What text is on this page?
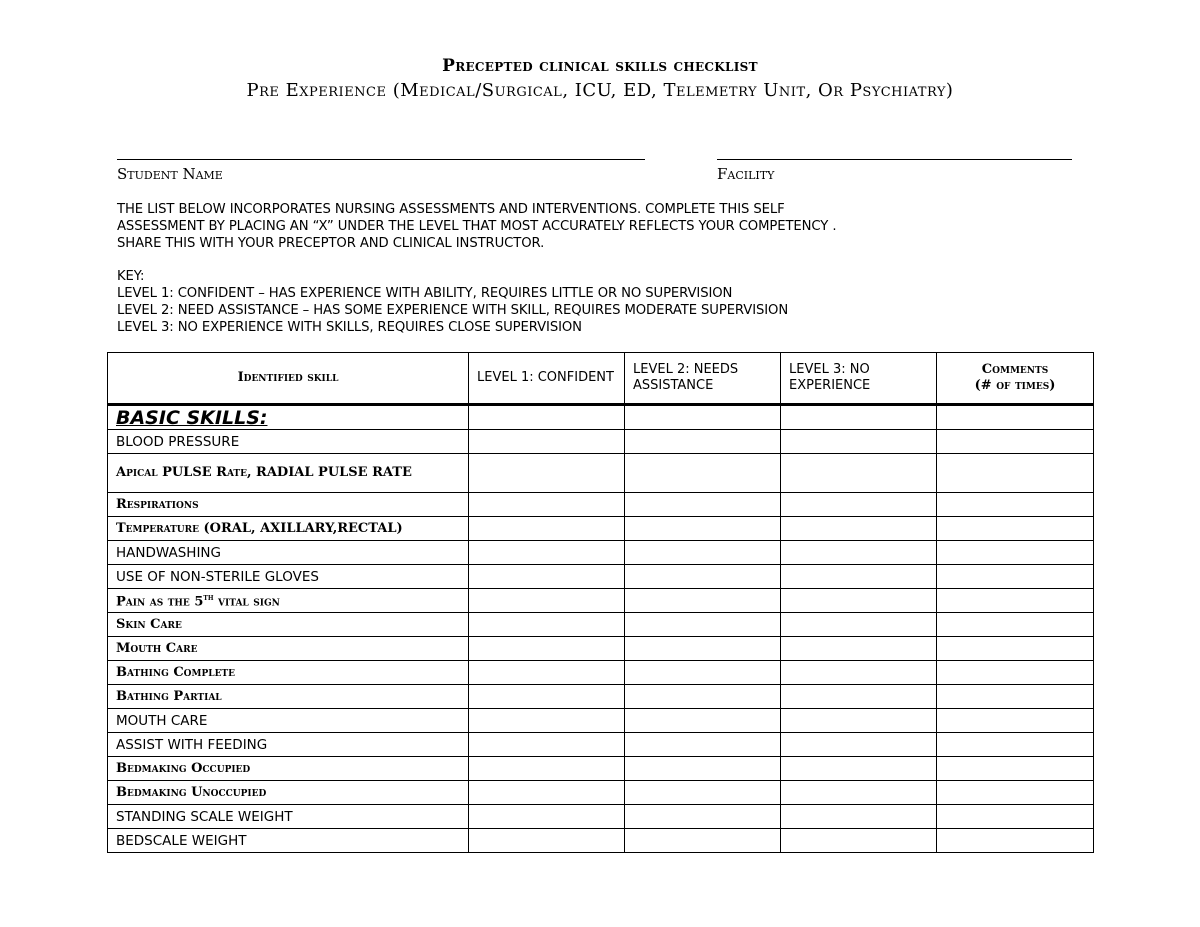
Precepted clinical skills checklist
Pre Experience (Medical/Surgical, ICU, ED, Telemetry Unit, Or Psychiatry)
Student Name	Facility
THE LIST BELOW INCORPORATES NURSING ASSESSMENTS AND INTERVENTIONS. COMPLETE THIS SELF
ASSESSMENT BY PLACING AN “X” UNDER THE LEVEL THAT MOST ACCURATELY REFLECTS YOUR COMPETENCY .
SHARE THIS WITH YOUR PRECEPTOR AND CLINICAL INSTRUCTOR.
KEY:
LEVEL 1: CONFIDENT – HAS EXPERIENCE WITH ABILITY, REQUIRES LITTLE OR NO SUPERVISION
LEVEL 2: NEED ASSISTANCE – HAS SOME EXPERIENCE WITH SKILL, REQUIRES MODERATE SUPERVISION
LEVEL 3: NO EXPERIENCE WITH SKILLS, REQUIRES CLOSE SUPERVISION
Identified skill	LEVEL 1: CONFIDENT	LEVEL 2: NEEDS ASSISTANCE	LEVEL 3: NO EXPERIENCE	Comments
(# of times)
BASIC SKILLS:				
BLOOD PRESSURE				
Apical PULSE Rate, RADIAL PULSE RATE				
Respirations				
Temperature (ORAL, AXILLARY,RECTAL)				
HANDWASHING				
USE OF NON-STERILE GLOVES				
Pain as the 5th vital sign				
Skin Care				
Mouth Care				
Bathing Complete				
Bathing Partial				
MOUTH CARE				
ASSIST WITH FEEDING				
Bedmaking Occupied				
Bedmaking Unoccupied				
STANDING SCALE WEIGHT				
BEDSCALE WEIGHT				
